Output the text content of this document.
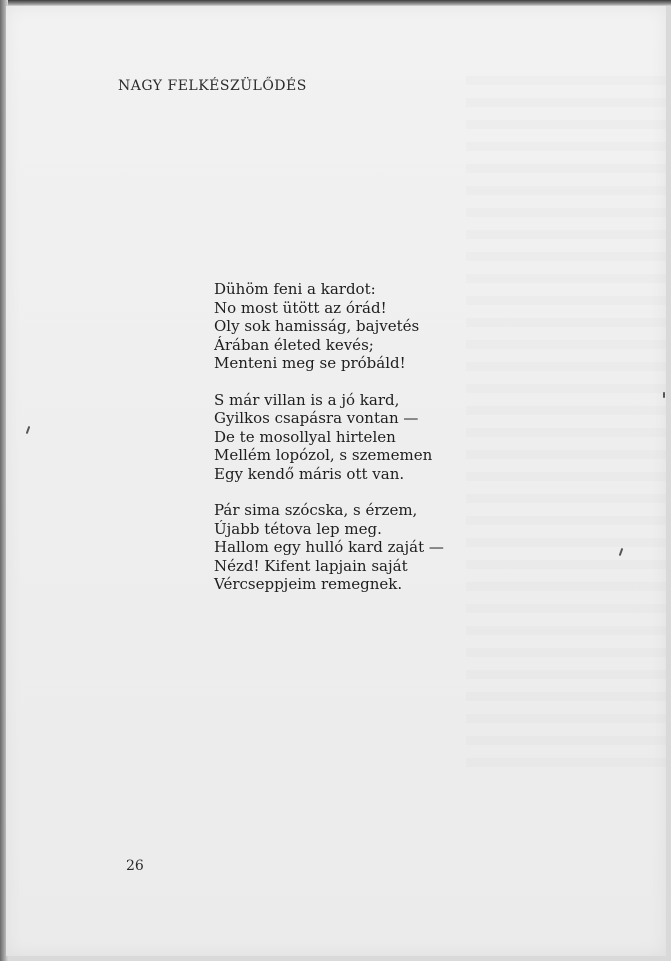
NAGY FELKÉSZÜLŐDÉS
Dühöm feni a kardot:
No most ütött az órád!
Oly sok hamisság, bajvetés
Árában életed kevés;
Menteni meg se próbáld!
S már villan is a jó kard,
Gyilkos csapásra vontan —
De te mosollyal hirtelen
Mellém lopózol, s szememen
Egy kendő máris ott van.
Pár sima szócska, s érzem,
Újabb tétova lep meg.
Hallom egy hulló kard zaját —
Nézd! Kifent lapjain saját
Vércseppjeim remegnek.
26
